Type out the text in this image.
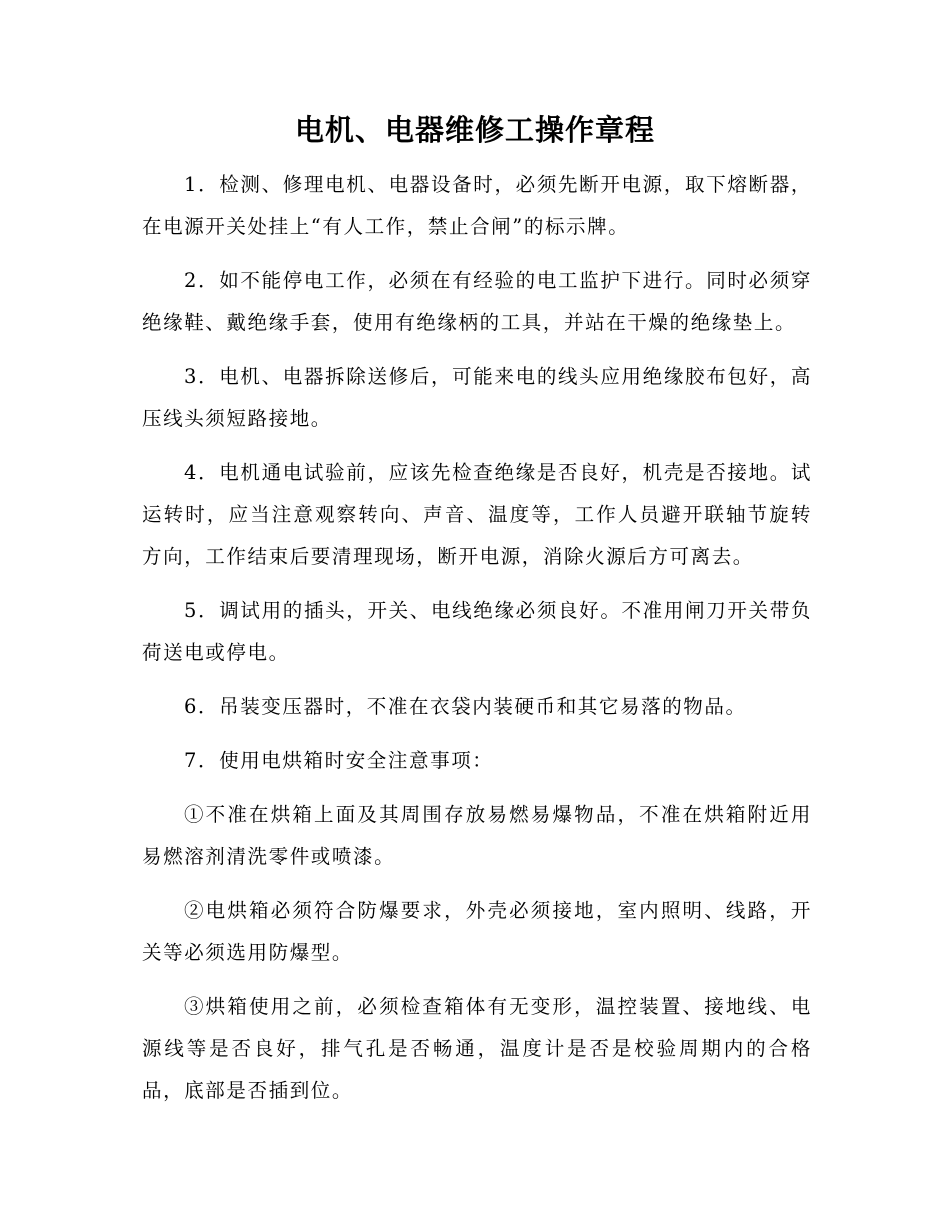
电机、电器维修工操作章程

1．检测、修理电机、电器设备时，必须先断开电源，取下熔断器，在电源开关处挂上“有人工作，禁止合闸”的标示牌。

2．如不能停电工作，必须在有经验的电工监护下进行。同时必须穿绝缘鞋、戴绝缘手套，使用有绝缘柄的工具，并站在干燥的绝缘垫上。

3．电机、电器拆除送修后，可能来电的线头应用绝缘胶布包好，高压线头须短路接地。

4．电机通电试验前，应该先检查绝缘是否良好，机壳是否接地。试运转时，应当注意观察转向、声音、温度等，工作人员避开联轴节旋转方向，工作结束后要清理现场，断开电源，消除火源后方可离去。

5．调试用的插头，开关、电线绝缘必须良好。不准用闸刀开关带负荷送电或停电。

6．吊装变压器时，不准在衣袋内装硬币和其它易落的物品。

7．使用电烘箱时安全注意事项：

①不准在烘箱上面及其周围存放易燃易爆物品，不准在烘箱附近用易燃溶剂清洗零件或喷漆。

②电烘箱必须符合防爆要求，外壳必须接地，室内照明、线路，开关等必须选用防爆型。

③烘箱使用之前，必须检查箱体有无变形，温控装置、接地线、电源线等是否良好，排气孔是否畅通，温度计是否是校验周期内的合格品，底部是否插到位。
